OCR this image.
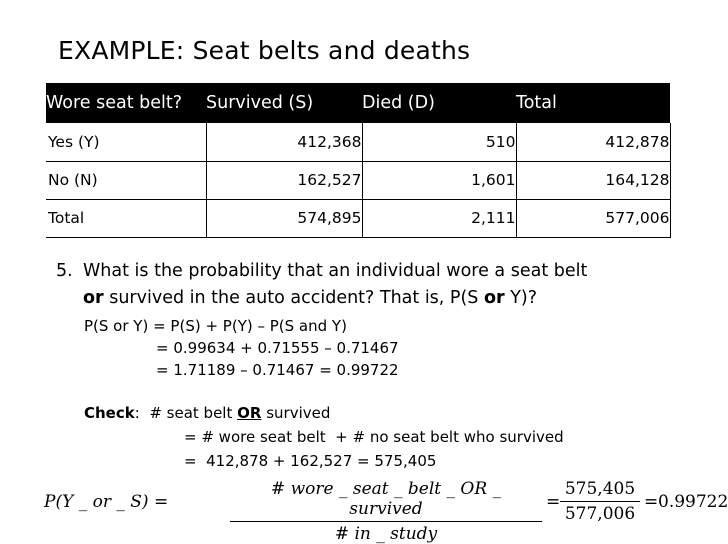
EXAMPLE: Seat belts and deaths
Wore seat belt?	Survived (S)	Died (D)	Total
Yes (Y)	412,368	510	412,878
No (N)	162,527	1,601	164,128
Total	574,895	2,111	577,006
5. What is the probability that an individual wore a seat belt
or survived in the auto accident? That is, P(S or Y)?
P(S or Y) = P(S) + P(Y) – P(S and Y)
= 0.99634 + 0.71555 – 0.71467
= 1.71189 – 0.71467 = 0.99722
Check:  # seat belt OR survived
= # wore seat belt  + # no seat belt who survived
=  412,878 + 162,527 = 575,405
P(Y _ or _ S) =
# wore _ seat _ belt _ OR _ survived
# in _ study
=
575,405
577,006
= 0.99722
